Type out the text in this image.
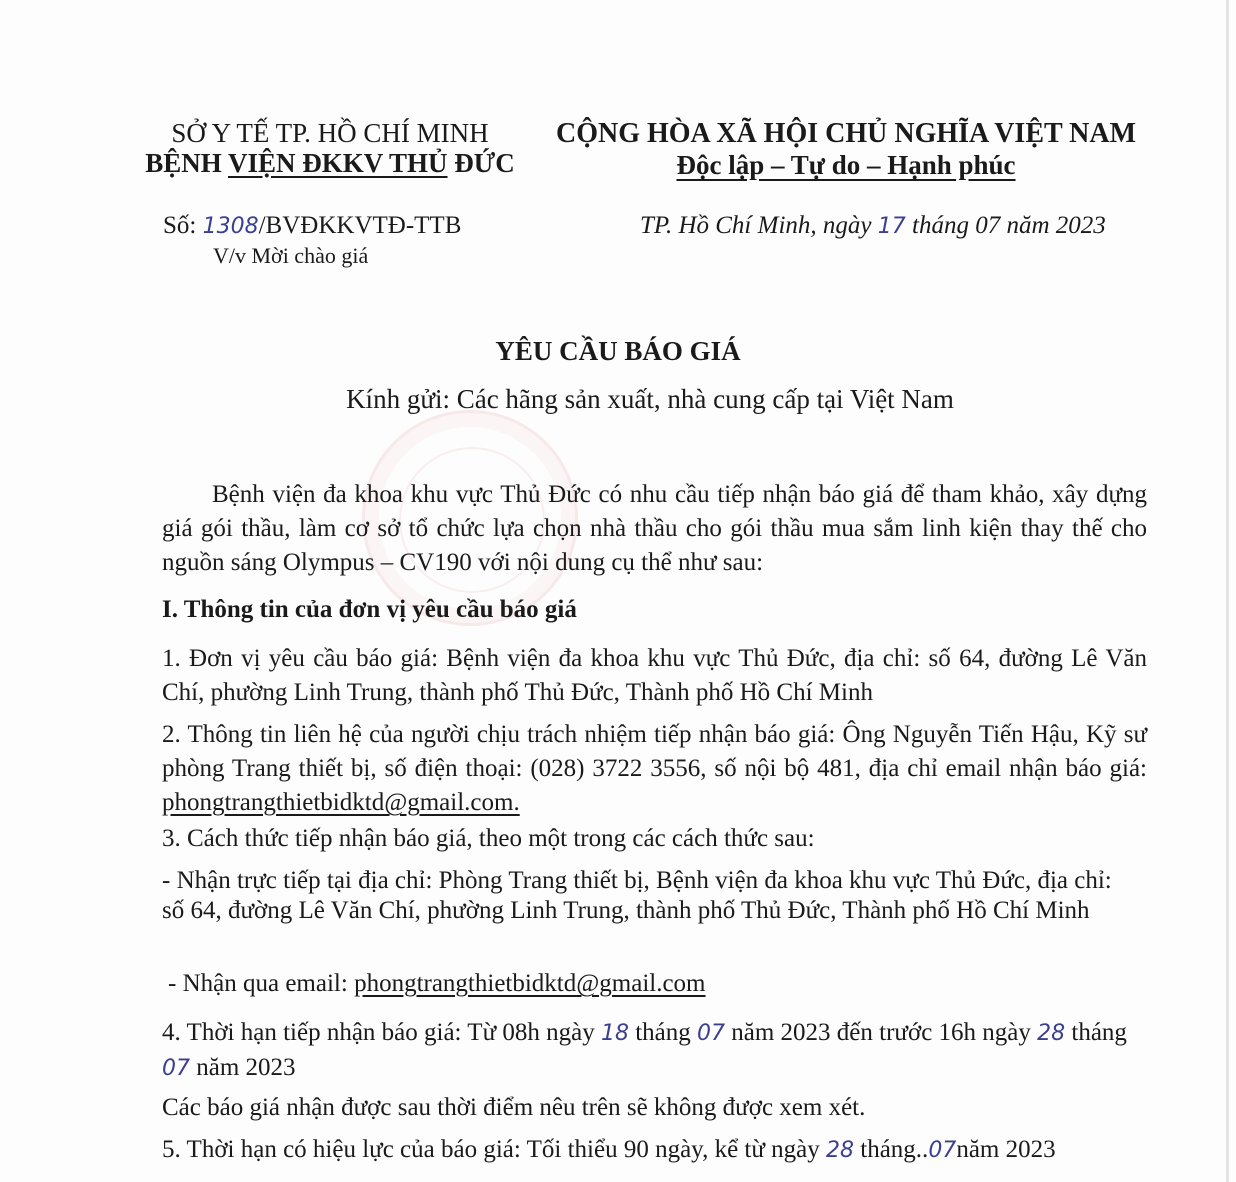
SỞ Y TẾ TP. HỒ CHÍ MINH
BỆNH VIỆN ĐKKV THỦ ĐỨC
CỘNG HÒA XÃ HỘI CHỦ NGHĨA VIỆT NAM
Độc lập – Tự do – Hạnh phúc
Số: 1308/BVĐKKVTĐ-TTB
V/v Mời chào giá
TP. Hồ Chí Minh, ngày 17 tháng 07 năm 2023
YÊU CẦU BÁO GIÁ
Kính gửi: Các hãng sản xuất, nhà cung cấp tại Việt Nam
Bệnh viện đa khoa khu vực Thủ Đức có nhu cầu tiếp nhận báo giá để tham khảo, xây dựng giá gói thầu, làm cơ sở tổ chức lựa chọn nhà thầu cho gói thầu mua sắm linh kiện thay thế cho nguồn sáng Olympus – CV190 với nội dung cụ thể như sau:
I. Thông tin của đơn vị yêu cầu báo giá
1. Đơn vị yêu cầu báo giá: Bệnh viện đa khoa khu vực Thủ Đức, địa chỉ: số 64, đường Lê Văn Chí, phường Linh Trung, thành phố Thủ Đức, Thành phố Hồ Chí Minh
2. Thông tin liên hệ của người chịu trách nhiệm tiếp nhận báo giá: Ông Nguyễn Tiến Hậu, Kỹ sư phòng Trang thiết bị, số điện thoại: (028) 3722 3556, số nội bộ 481, địa chỉ email nhận báo giá: phongtrangthietbidktd@gmail.com.
3. Cách thức tiếp nhận báo giá, theo một trong các cách thức sau:
- Nhận trực tiếp tại địa chỉ: Phòng Trang thiết bị, Bệnh viện đa khoa khu vực Thủ Đức, địa chỉ: số 64, đường Lê Văn Chí, phường Linh Trung, thành phố Thủ Đức, Thành phố Hồ Chí Minh
- Nhận qua email: phongtrangthietbidktd@gmail.com
4. Thời hạn tiếp nhận báo giá: Từ 08h ngày 18 tháng 07 năm 2023 đến trước 16h ngày 28 tháng 07 năm 2023
Các báo giá nhận được sau thời điểm nêu trên sẽ không được xem xét.
5. Thời hạn có hiệu lực của báo giá: Tối thiểu 90 ngày, kể từ ngày 28 tháng..07năm 2023
